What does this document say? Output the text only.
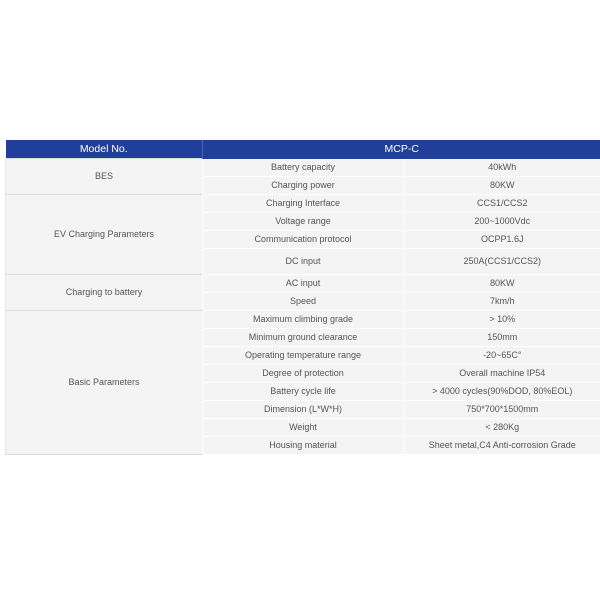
Model No.	MCP-C	
BES	Battery capacity	40kWh
	Charging power	80KW
EV Charging Parameters	Charging Interface	CCS1/CCS2
	Voltage range	200~1000Vdc
	Communication protocol	OCPP1.6J
	DC input	250A(CCS1/CCS2)
Charging to battery	AC input	80KW
	Speed	7km/h
Basic Parameters	Maximum climbing grade	> 10%
	Minimum ground clearance	150mm
	Operating temperature range	-20~65C°
	Degree of protection	Overall machine IP54
	Battery cycle life	> 4000 cycles(90%DOD, 80%EOL)
	Dimension (L*W*H)	750*700*1500mm
	Weight	< 280Kg
	Housing material	Sheet metal,C4 Anti-corrosion Grade
